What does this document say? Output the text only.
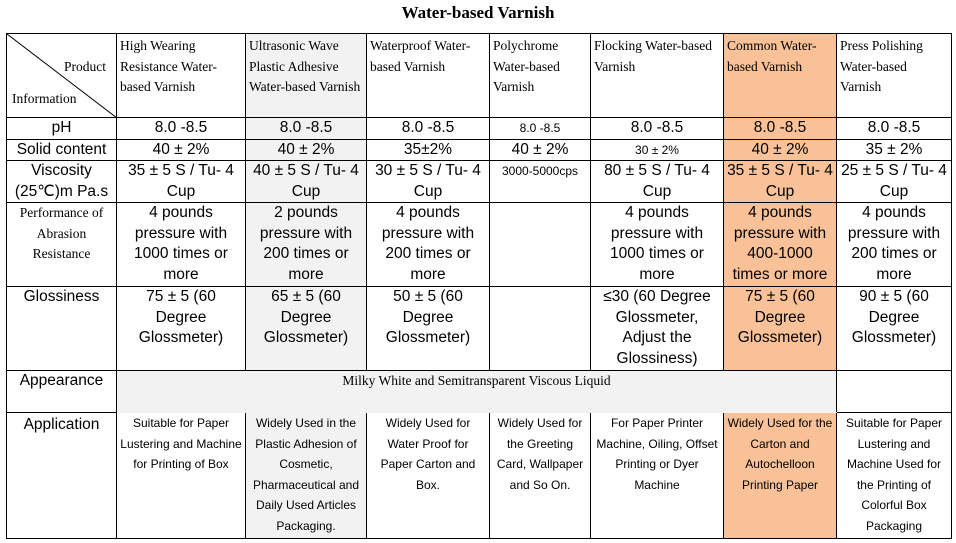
Water-based Varnish
Product
Information	High Wearing Resistance Water-based Varnish	Ultrasonic Wave Plastic Adhesive Water-based Varnish	Waterproof Water-based Varnish	Polychrome Water-based Varnish	Flocking Water-based Varnish	Common Water-based Varnish	Press Polishing Water-based Varnish
pH	8.0 -8.5	8.0 -8.5	8.0 -8.5	8.0 -8.5	8.0 -8.5	8.0 -8.5	8.0 -8.5
Solid content	40 ± 2%	40 ± 2%	35±2%	40 ± 2%	30 ± 2%	40 ± 2%	35 ± 2%

Viscosity
(25℃)m Pa.s	35 ± 5 S / Tu- 4 Cup	40 ± 5 S / Tu- 4 Cup	30 ± 5 S / Tu- 4 Cup	3000-5000cps	80 ± 5 S / Tu- 4 Cup	35 ± 5 S / Tu- 4 Cup	25 ± 5 S / Tu- 4 Cup
Performance of Abrasion Resistance	4 pounds pressure with 1000 times or more	2 pounds pressure with 200 times or more	4 pounds pressure with 200 times or more		4 pounds pressure with 1000 times or more	4 pounds pressure with 400-1000 times or more	4 pounds pressure with 200 times or more
Glossiness	75 ± 5 (60 Degree Glossmeter)	65 ± 5 (60 Degree Glossmeter)	50 ± 5 (60 Degree Glossmeter)		≤30 (60 Degree Glossmeter, Adjust the Glossiness)	75 ± 5 (60 Degree Glossmeter)	90 ± 5 (60 Degree Glossmeter)
Appearance	Milky White and Semitransparent Viscous Liquid						
Application	Suitable for Paper Lustering and Machine for Printing of Box	Widely Used in the Plastic Adhesion of Cosmetic, Pharmaceutical and Daily Used Articles Packaging.	Widely Used for Water Proof for Paper Carton and Box.	Widely Used for the Greeting Card, Wallpaper and So On.	For Paper Printer Machine, Oiling, Offset Printing or Dyer Machine	Widely Used for the Carton and Autochelloon Printing Paper	Suitable for Paper Lustering and Machine Used for the Printing of Colorful Box Packaging
